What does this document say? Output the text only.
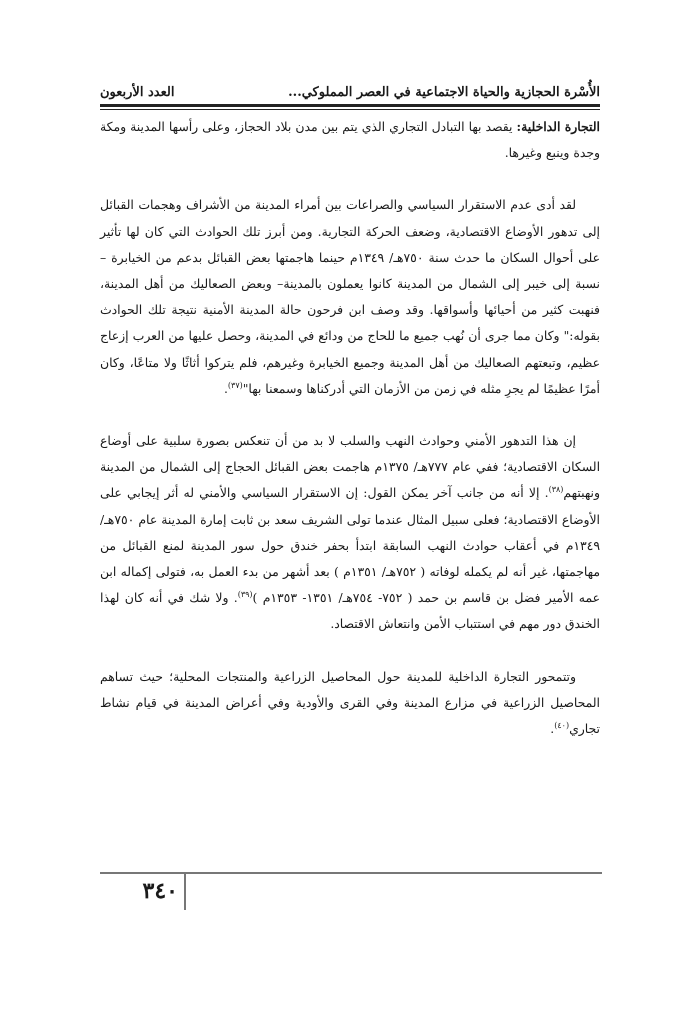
الأُسْرة الحجازية والحياة الاجتماعية في العصر المملوكي...
العدد الأربعون

التجارة الداخلية: يقصد بها التبادل التجاري الذي يتم بين مدن بلاد الحجاز، وعلى رأسها المدينة ومكة وجدة وينبع وغيرها.

لقد أدى عدم الاستقرار السياسي والصراعات بين أمراء المدينة من الأشراف وهجمات القبائل إلى تدهور الأوضاع الاقتصادية، وضعف الحركة التجارية. ومن أبرز تلك الحوادث التي كان لها تأثير على أحوال السكان ما حدث سنة ٧٥٠هـ/ ١٣٤٩م حينما هاجمتها بعض القبائل بدعم من الخيابرة – نسبة إلى خيبر إلى الشمال من المدينة كانوا يعملون بالمدينة– وبعض الصعاليك من أهل المدينة، فنهبت كثير من أحيائها وأسواقها. وقد وصف ابن فرحون حالة المدينة الأمنية نتيجة تلك الحوادث بقوله:" وكان مما جرى أن نُهب جميع ما للحاج من ودائع في المدينة، وحصل عليها من العرب إزعاج عظيم، وتبعتهم الصعاليك من أهل المدينة وجميع الخيابرة وغيرهم، فلم يتركوا أثاثًا ولا متاعًا، وكان أمرًا عظيمًا لم يجرِ مثله في زمن من الأزمان التي أدركناها وسمعنا بها"$^{(٣٧)}$.

إن هذا التدهور الأمني وحوادث النهب والسلب لا بد من أن تنعكس بصورة سلبية على أوضاع السكان الاقتصادية؛ ففي عام ٧٧٧هـ/ ١٣٧٥م هاجمت بعض القبائل الحجاج إلى الشمال من المدينة ونهبتهم$^{(٣٨)}$. إلا أنه من جانب آخر يمكن القول: إن الاستقرار السياسي والأمني له أثر إيجابي على الأوضاع الاقتصادية؛ فعلى سبيل المثال عندما تولى الشريف سعد بن ثابت إمارة المدينة عام ٧٥٠هـ/ ١٣٤٩م في أعقاب حوادث النهب السابقة ابتدأ بحفر خندق حول سور المدينة لمنع القبائل من مهاجمتها، غير أنه لم يكمله لوفاته ( ٧٥٢هـ/ ١٣٥١م ) بعد أشهر من بدء العمل به، فتولى إكماله ابن عمه الأمير فضل بن قاسم بن حمد ( ٧٥٢- ٧٥٤هـ/ ١٣٥١- ١٣٥٣م )$^{(٣٩)}$. ولا شك في أنه كان لهذا الخندق دور مهم في استتباب الأمن وانتعاش الاقتصاد.

وتتمحور التجارة الداخلية للمدينة حول المحاصيل الزراعية والمنتجات المحلية؛ حيث تساهم المحاصيل الزراعية في مزارع المدينة وفي القرى والأودية وفي أعراض المدينة في قيام نشاط تجاري$^{(٤٠)}$.

٣٤٠
